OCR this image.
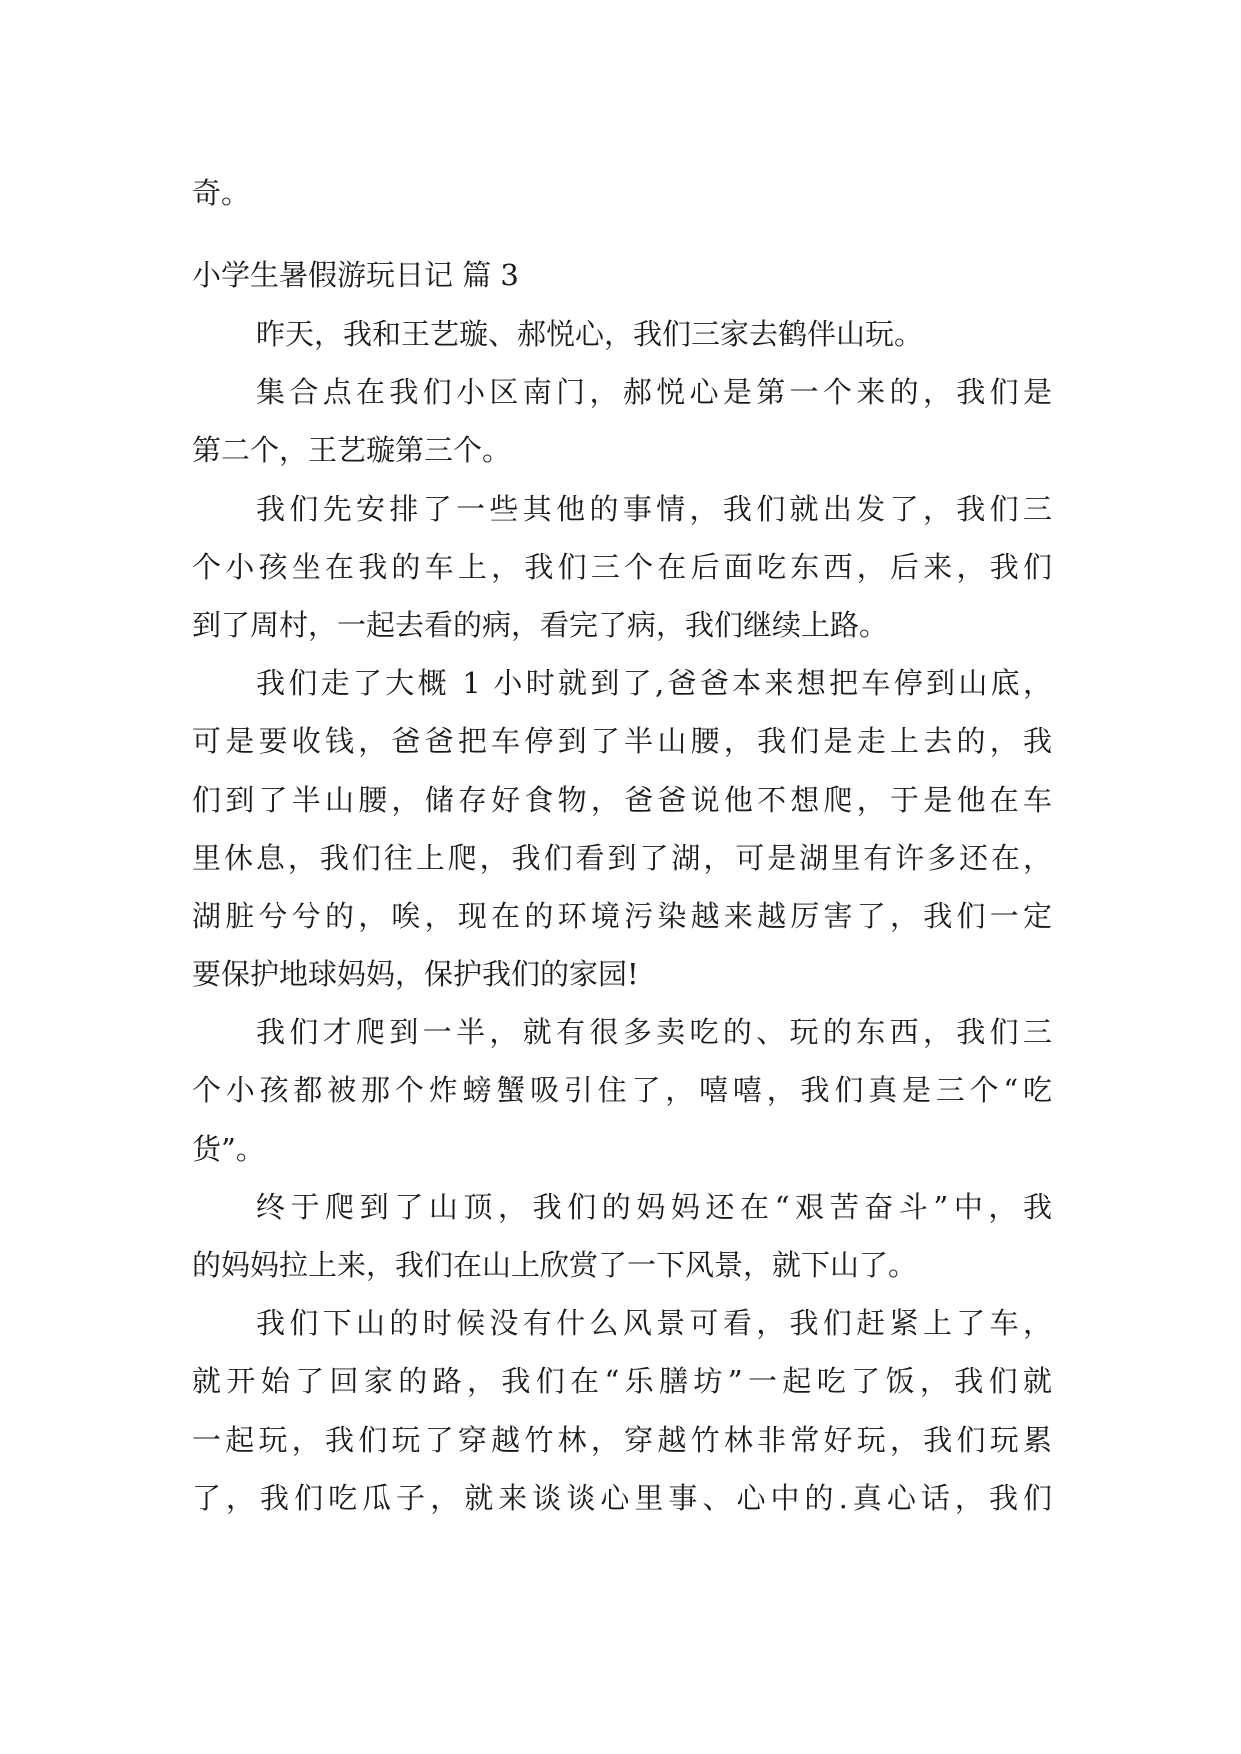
奇。
小学生暑假游玩日记 篇 3
昨天，我和王艺璇、郝悦心，我们三家去鹤伴山玩。
集合点在我们小区南门，郝悦心是第一个来的，我们是
第二个，王艺璇第三个。
我们先安排了一些其他的事情，我们就出发了，我们三
个小孩坐在我的车上，我们三个在后面吃东西，后来，我们
到了周村，一起去看的病，看完了病，我们继续上路。
我们走了大概 1 小时就到了,爸爸本来想把车停到山底，
可是要收钱，爸爸把车停到了半山腰，我们是走上去的，我
们到了半山腰，储存好食物，爸爸说他不想爬，于是他在车
里休息，我们往上爬，我们看到了湖，可是湖里有许多还在，
湖脏兮兮的，唉，现在的环境污染越来越厉害了，我们一定
要保护地球妈妈，保护我们的家园!
我们才爬到一半，就有很多卖吃的、玩的东西，我们三
个小孩都被那个炸螃蟹吸引住了，嘻嘻，我们真是三个“吃
货”。
终于爬到了山顶，我们的妈妈还在“艰苦奋斗”中，我
的妈妈拉上来，我们在山上欣赏了一下风景，就下山了。
我们下山的时候没有什么风景可看，我们赶紧上了车，
就开始了回家的路，我们在“乐膳坊”一起吃了饭，我们就
一起玩，我们玩了穿越竹林，穿越竹林非常好玩，我们玩累
了，我们吃瓜子，就来谈谈心里事、心中的.真心话，我们
